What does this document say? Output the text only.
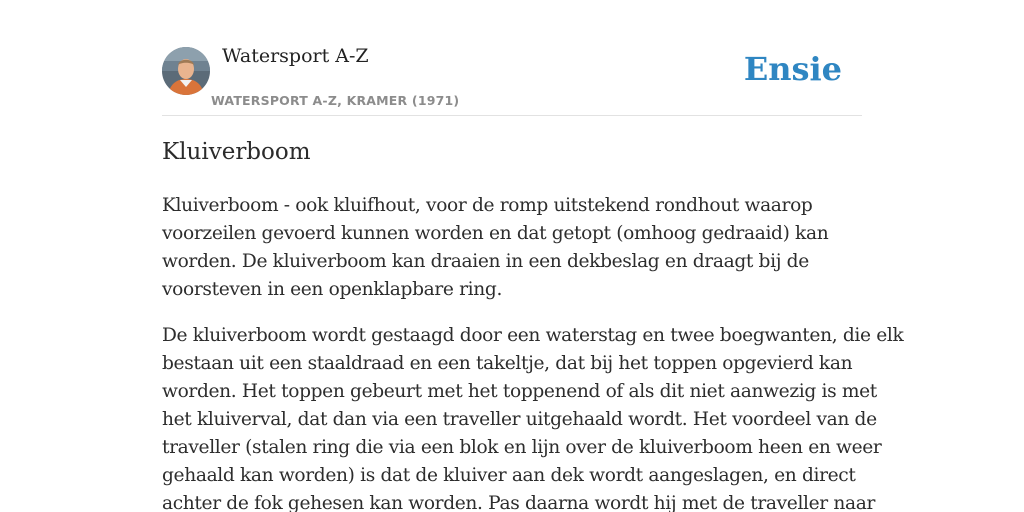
Watersport A-Z
WATERSPORT A-Z, KRAMER (1971)
Ensie
Kluiverboom

Kluiverboom - ook kluifhout, voor de romp uitstekend rondhout waarop
voorzeilen gevoerd kunnen worden en dat getopt (omhoog gedraaid) kan
worden. De kluiverboom kan draaien in een dekbeslag en draagt bij de
voorsteven in een openklapbare ring.

De kluiverboom wordt gestaagd door een waterstag en twee boegwanten, die elk
bestaan uit een staaldraad en een takeltje, dat bij het toppen opgevierd kan
worden. Het toppen gebeurt met het toppenend of als dit niet aanwezig is met
het kluiverval, dat dan via een traveller uitgehaald wordt. Het voordeel van de
traveller (stalen ring die via een blok en lijn over de kluiverboom heen en weer
gehaald kan worden) is dat de kluiver aan dek wordt aangeslagen, en direct
achter de fok gehesen kan worden. Pas daarna wordt hij met de traveller naar
